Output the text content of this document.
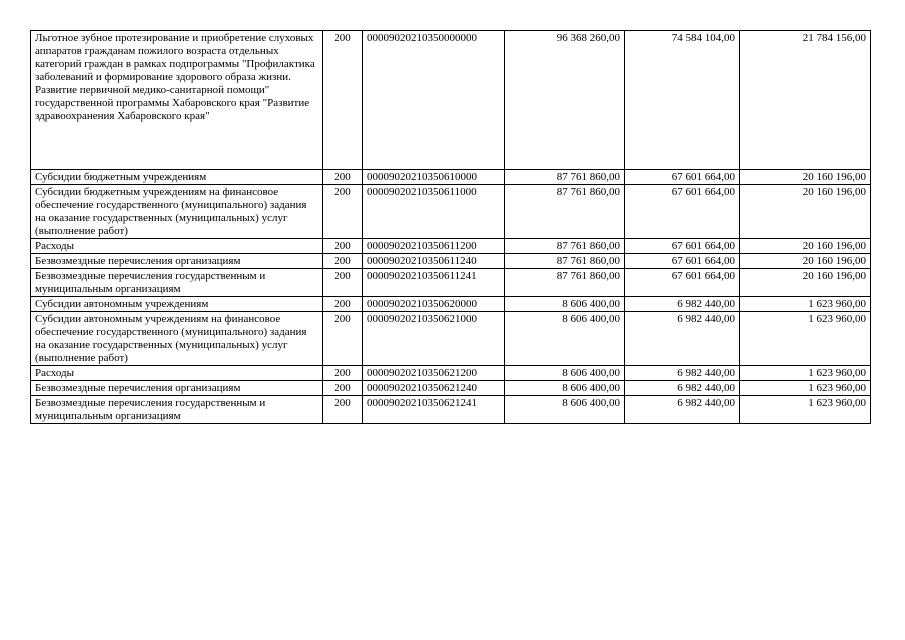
Льготное зубное протезирование и приобретение слуховых аппаратов гражданам пожилого возраста отдельных категорий граждан в рамках подпрограммы "Профилактика заболеваний и формирование здорового образа жизни. Развитие первичной медико-санитарной помощи" государственной программы Хабаровского края "Развитие здравоохранения Хабаровского края"	200	00009020210350000000	96 368 260,00	74 584 104,00	21 784 156,00
Субсидии бюджетным учреждениям	200	00009020210350610000	87 761 860,00	67 601 664,00	20 160 196,00
Субсидии бюджетным учреждениям на финансовое обеспечение государственного (муниципального) задания на оказание государственных (муниципальных) услуг (выполнение работ)	200	00009020210350611000	87 761 860,00	67 601 664,00	20 160 196,00
Расходы	200	00009020210350611200	87 761 860,00	67 601 664,00	20 160 196,00
Безвозмездные перечисления организациям	200	00009020210350611240	87 761 860,00	67 601 664,00	20 160 196,00
Безвозмездные перечисления государственным и муниципальным организациям	200	00009020210350611241	87 761 860,00	67 601 664,00	20 160 196,00
Субсидии автономным учреждениям	200	00009020210350620000	8 606 400,00	6 982 440,00	1 623 960,00
Субсидии автономным учреждениям на финансовое обеспечение государственного (муниципального) задания на оказание государственных (муниципальных) услуг (выполнение работ)	200	00009020210350621000	8 606 400,00	6 982 440,00	1 623 960,00
Расходы	200	00009020210350621200	8 606 400,00	6 982 440,00	1 623 960,00
Безвозмездные перечисления организациям	200	00009020210350621240	8 606 400,00	6 982 440,00	1 623 960,00
Безвозмездные перечисления государственным и муниципальным организациям	200	00009020210350621241	8 606 400,00	6 982 440,00	1 623 960,00
